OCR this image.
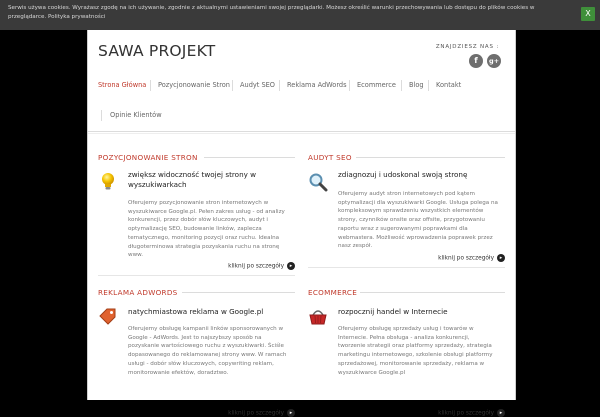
Serwis używa cookies. Wyrażasz zgodę na ich używanie, zgodnie z aktualnymi ustawieniami swojej przeglądarki. Możesz określić warunki przechowywania lub dostępu do plików cookies w przeglądarce. Polityka prywatności	X
SAWA PROJEKT	ZNAJDZIESZ NAS :
f	g+
Strona Główna Pozycjonowanie Stron Audyt SEO Reklama AdWords Ecommerce Blog Kontakt
Opinie Klientów
POZYCJONOWANIE STRON
zwiększ widoczność twojej strony w wyszukiwarkach
Oferujemy pozycjonowanie stron internetowych w wyszukiwarce Google.pl. Pełen zakres usług - od analizy konkurencji, przez dobór słów kluczowych, audyt i optymalizację SEO, budowanie linków, zaplecza tematycznego, monitoring pozycji oraz ruchu. Idealna długoterminowa strategia pozyskania ruchu na stronę www.
kliknij po szczegóły ▸
AUDYT SEO
zdiagnozuj i udoskonal swoją stronę
Oferujemy audyt stron internetowych pod kątem optymalizacji dla wyszukiwarki Google. Usługa polega na kompleksowym sprawdzeniu wszystkich elementów strony, czynników onsite oraz offsite, przygotowaniu raportu wraz z sugerowanymi poprawkami dla webmastera. Możliwość wprowadzenia poprawek przez nasz zespół.
kliknij po szczegóły ▸
REKLAMA ADWORDS
natychmiastowa reklama w Google.pl
Oferujemy obsługę kampanii linków sponsorowanych w Google - AdWords. Jest to najszybszy sposób na pozyskanie wartościowego ruchu z wyszukiwarki. Ściśle dopasowanego do reklamowanej strony www. W ramach usługi - dobór słów kluczowych, copywriting reklam, monitorowanie efektów, doradztwo.
kliknij po szczegóły ▸
ECOMMERCE
rozpocznij handel w Internecie
Oferujemy obsługę sprzedaży usług i towarów w Internecie. Pełna obsługa - analiza konkurencji, tworzenie strategii oraz platformy sprzedaży, strategia marketingu internetowego, szkolenie obsługi platformy sprzedażowej, monitorowanie sprzedaży, reklama w wyszukiwarce Google.pl
kliknij po szczegóły ▸
